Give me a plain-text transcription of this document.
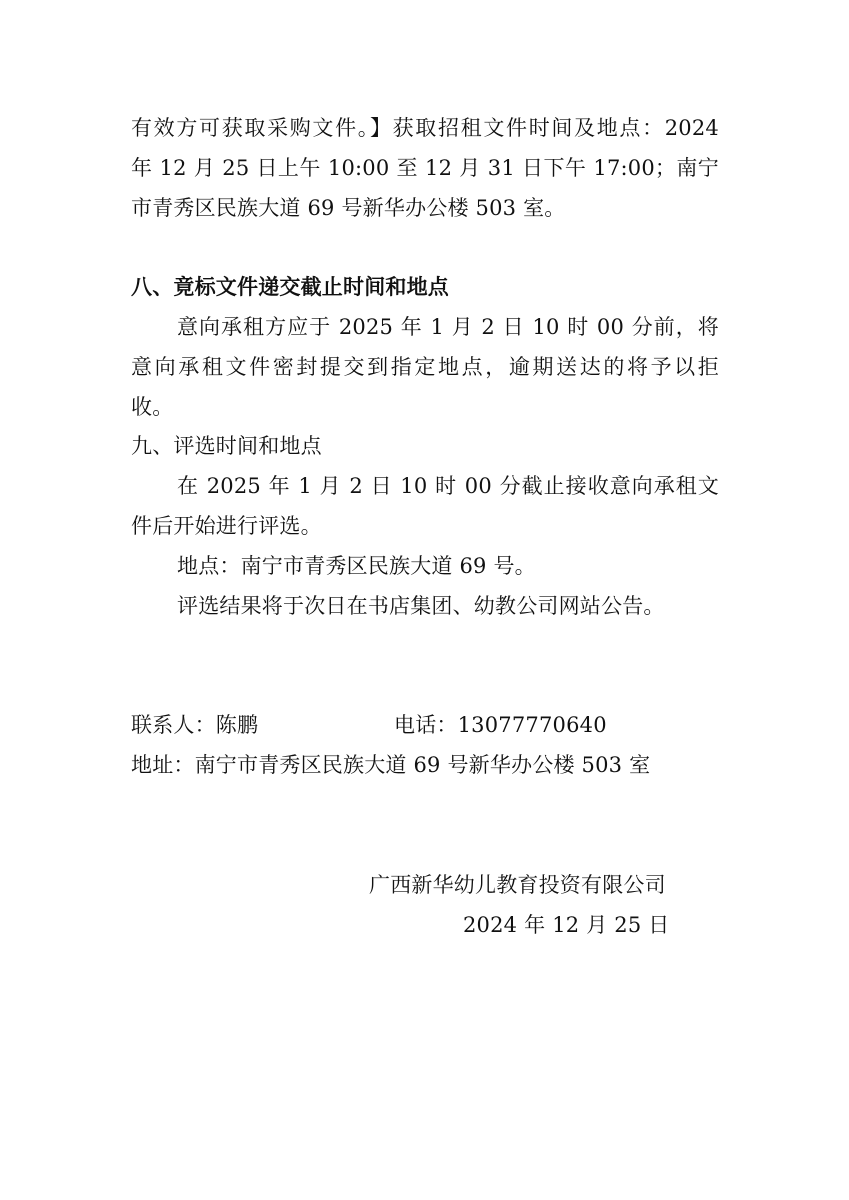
有效方可获取采购文件。】获取招租文件时间及地点：2024
年 12 月 25 日上午 10:00 至 12 月 31 日下午 17:00；南宁
市青秀区民族大道 69 号新华办公楼 503 室。
八、竟标文件递交截止时间和地点
意向承租方应于 2025 年 1 月 2 日 10 时 00 分前，将
意向承租文件密封提交到指定地点，逾期送达的将予以拒
收。
九、评选时间和地点
在 2025 年 1 月 2 日 10 时 00 分截止接收意向承租文
件后开始进行评选。
地点：南宁市青秀区民族大道 69 号。
评选结果将于次日在书店集团、幼教公司网站公告。
联系人：陈鹏	电话：13077770640
地址：南宁市青秀区民族大道 69 号新华办公楼 503 室
广西新华幼儿教育投资有限公司
2024 年 12 月 25 日
